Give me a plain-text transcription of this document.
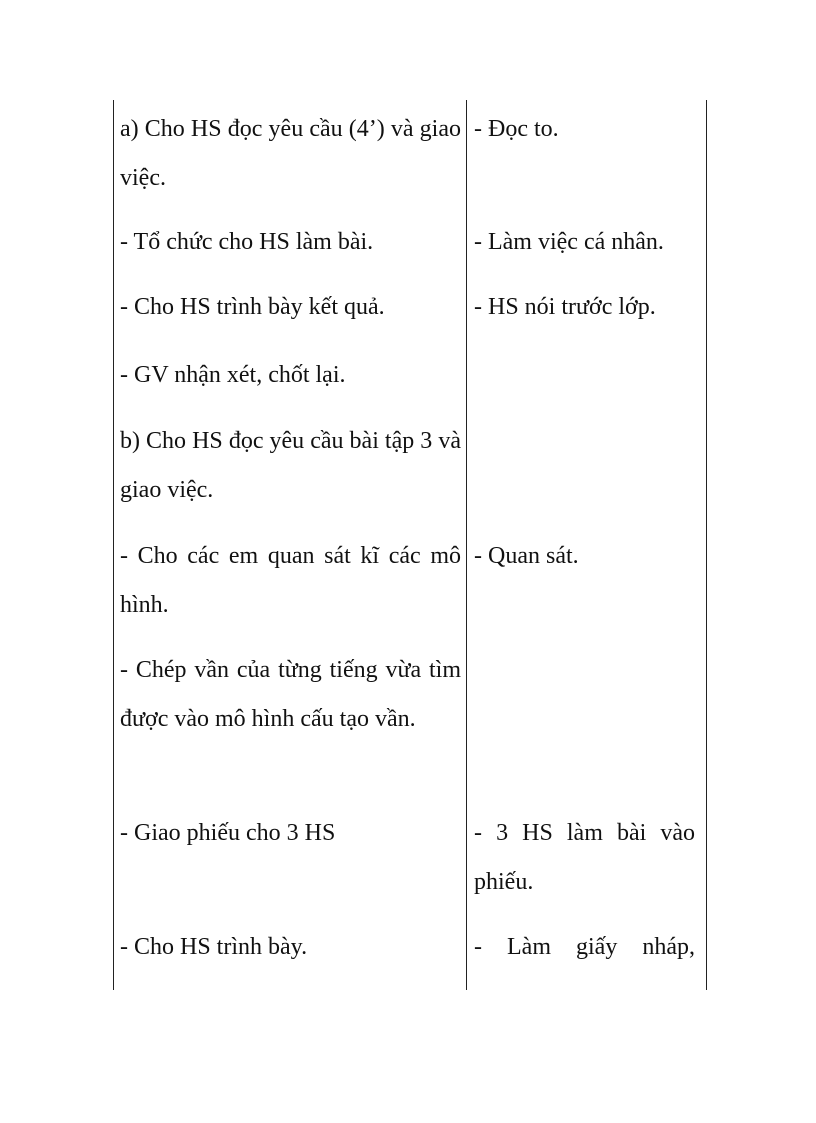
a) Cho HS đọc yêu cầu (4’) và giao việc.

- Tổ chức cho HS làm bài.

- Cho HS trình bày kết quả.

- GV nhận xét, chốt lại.

b) Cho HS đọc yêu cầu bài tập 3 và giao việc.

- Cho các em quan sát kĩ các mô hình.

- Chép vần của từng tiếng vừa tìm được vào mô hình cấu tạo vần.

- Giao phiếu cho 3 HS

- Cho HS trình bày.

- Đọc to.

- Làm việc cá nhân.

- HS nói trước lớp.

- Quan sát.

- 3 HS làm bài vào phiếu.

- Làm giấy nháp,
